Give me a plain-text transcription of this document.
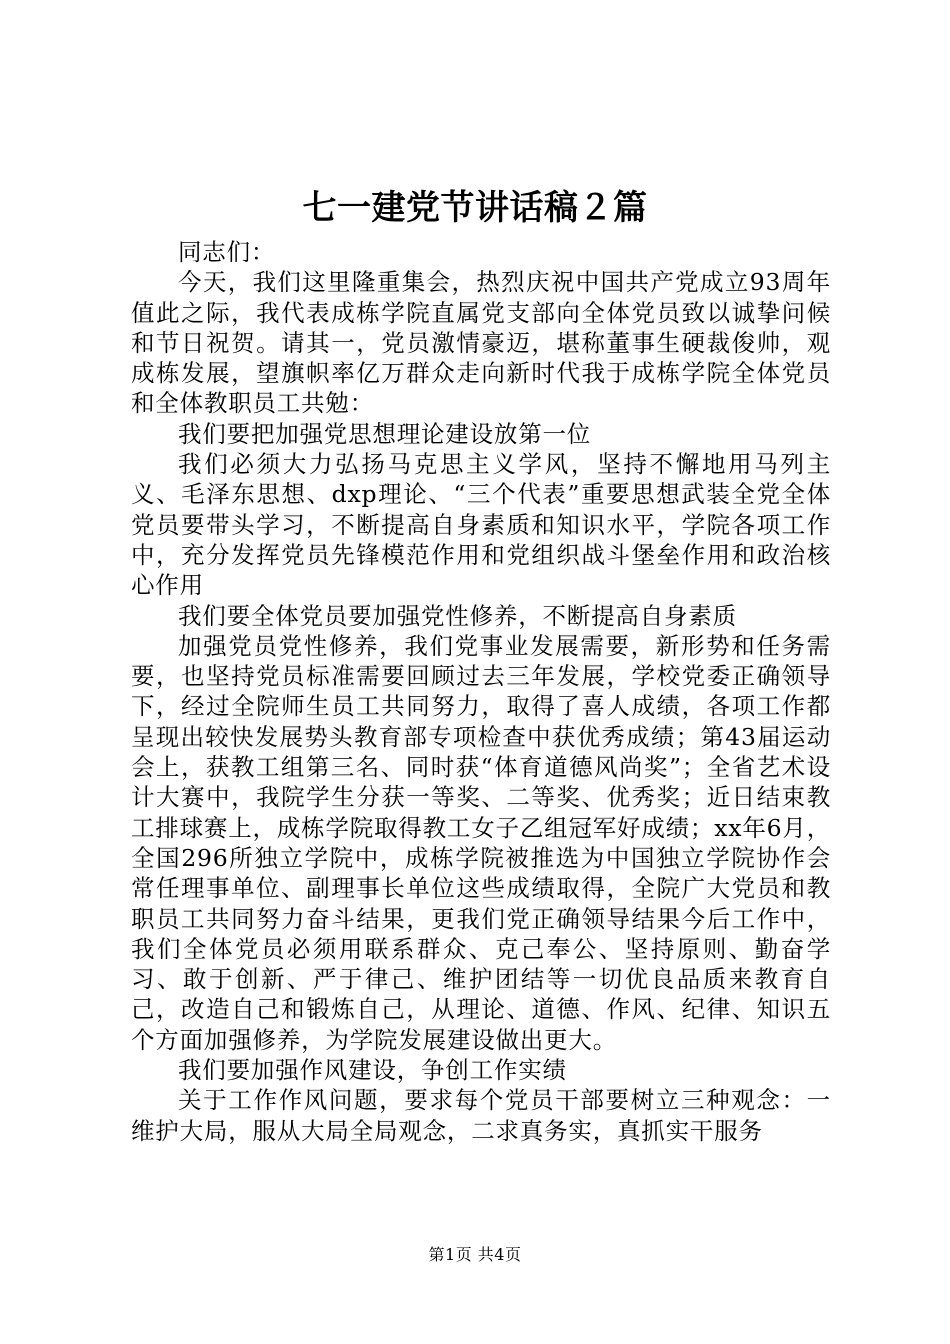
七一建党节讲话稿２篇

同志们：

今天，我们这里隆重集会，热烈庆祝中国共产党成立93周年值此之际，我代表成栋学院直属党支部向全体党员致以诚挚问候和节日祝贺。请其一，党员激情豪迈，堪称董事生硬裁俊帅，观成栋发展，望旗帜率亿万群众走向新时代我于成栋学院全体党员和全体教职员工共勉：

我们要把加强党思想理论建设放第一位

我们必须大力弘扬马克思主义学风，坚持不懈地用马列主义、毛泽东思想、dxp理论、“三个代表”重要思想武装全党全体党员要带头学习，不断提高自身素质和知识水平，学院各项工作中，充分发挥党员先锋模范作用和党组织战斗堡垒作用和政治核心作用

我们要全体党员要加强党性修养，不断提高自身素质

加强党员党性修养，我们党事业发展需要，新形势和任务需要，也坚持党员标准需要回顾过去三年发展，学校党委正确领导下，经过全院师生员工共同努力，取得了喜人成绩，各项工作都呈现出较快发展势头教育部专项检查中获优秀成绩；第43届运动会上，获教工组第三名、同时获“体育道德风尚奖”；全省艺术设计大赛中，我院学生分获一等奖、二等奖、优秀奖；近日结束教工排球赛上，成栋学院取得教工女子乙组冠军好成绩；xx年6月，全国296所独立学院中，成栋学院被推选为中国独立学院协作会常任理事单位、副理事长单位这些成绩取得，全院广大党员和教职员工共同努力奋斗结果，更我们党正确领导结果今后工作中，我们全体党员必须用联系群众、克己奉公、坚持原则、勤奋学习、敢于创新、严于律己、维护团结等一切优良品质来教育自己，改造自己和锻炼自己，从理论、道德、作风、纪律、知识五个方面加强修养，为学院发展建设做出更大。

我们要加强作风建设，争创工作实绩

关于工作作风问题，要求每个党员干部要树立三种观念：一维护大局，服从大局全局观念，二求真务实，真抓实干服务

第1页 共4页
